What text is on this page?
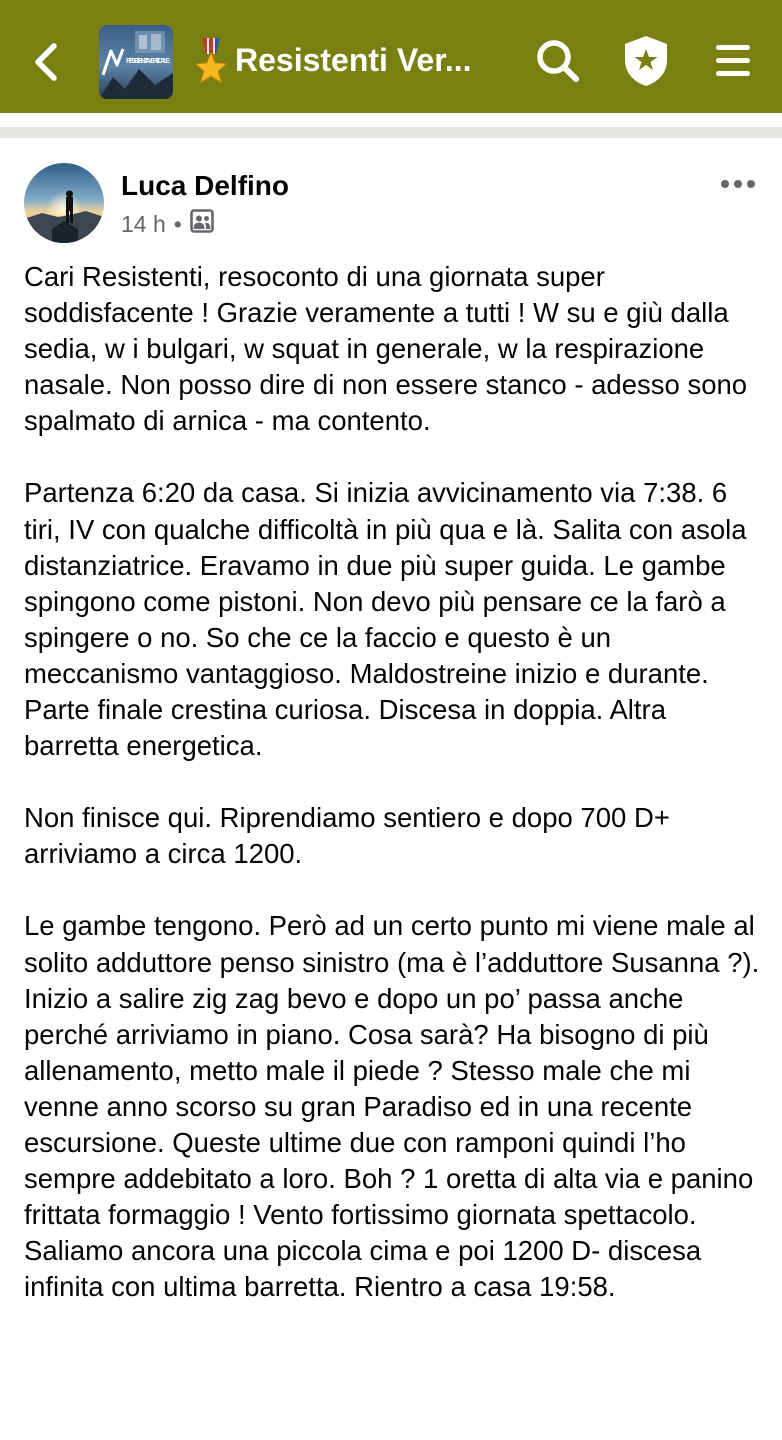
RESISTENZA VERTICALE Resistenti Ver...
Luca Delfino
14 h •

Cari Resistenti, resoconto di una giornata super soddisfacente ! Grazie veramente a tutti ! W su e giù dalla sedia, w i bulgari, w squat in generale, w la respirazione nasale. Non posso dire di non essere stanco - adesso sono spalmato di arnica - ma contento.

Partenza 6:20 da casa. Si inizia avvicinamento via 7:38. 6 tiri, IV con qualche difficoltà in più qua e là. Salita con asola distanziatrice. Eravamo in due più super guida. Le gambe spingono come pistoni. Non devo più pensare ce la farò a spingere o no. So che ce la faccio e questo è un meccanismo vantaggioso. Maldostreine inizio e durante. Parte finale crestina curiosa. Discesa in doppia. Altra barretta energetica.

Non finisce qui. Riprendiamo sentiero e dopo 700 D+ arriviamo a circa 1200.

Le gambe tengono. Però ad un certo punto mi viene male al solito adduttore penso sinistro (ma è l’adduttore Susanna ?). Inizio a salire zig zag bevo e dopo un po’ passa anche perché arriviamo in piano. Cosa sarà? Ha bisogno di più allenamento, metto male il piede ? Stesso male che mi venne anno scorso su gran Paradiso ed in una recente escursione. Queste ultime due con ramponi quindi l’ho sempre addebitato a loro. Boh ? 1 oretta di alta via e panino frittata formaggio ! Vento fortissimo giornata spettacolo. Saliamo ancora una piccola cima e poi 1200 D- discesa infinita con ultima barretta. Rientro a casa 19:58.
